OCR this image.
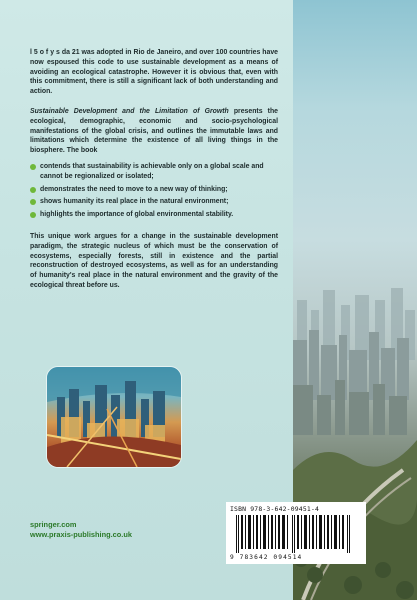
l 5 o f y s da 21 was adopted in Rio de Janeiro, and over 100 countries have now espoused this code to use sustainable development as a means of avoiding an ecological catastrophe. However it is obvious that, even with this commitment, there is still a significant lack of both understanding and action.

Sustainable Development and the Limitation of Growth presents the ecological, demographic, economic and socio-psychological manifestations of the global crisis, and outlines the immutable laws and limitations which determine the existence of all living things in the biosphere. The book

contends that sustainability is achievable only on a global scale and cannot be regionalized or isolated;
demonstrates the need to move to a new way of thinking;
shows humanity its real place in the natural environment;
highlights the importance of global environmental stability.

This unique work argues for a change in the sustainable development paradigm, the strategic nucleus of which must be the conservation of ecosystems, especially forests, still in existence and the partial reconstruction of destroyed ecosystems, as well as for an understanding of humanity's real place in the natural environment and the gravity of the ecological threat before us.

ISBN 978-3-642-09451-4
9 783642 094514
springer.com
www.praxis-publishing.co.uk
